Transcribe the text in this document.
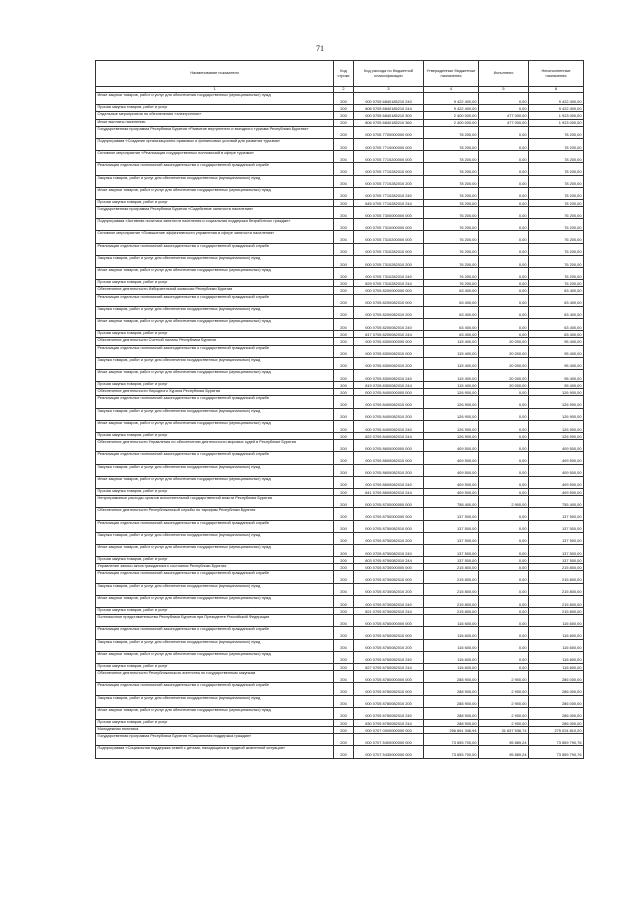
71
Наименование показателя	Код строки	Код расхода по бюджетной классификации	Утвержденные бюджетные назначения	Исполнено	Неисполненные назначения
1	2	3	4	5	6
Иные закупки товаров, работ и услуг для обеспечения государственных (муниципальных) нужд	200	000 0705 6840185210 240	9 422 400,00	0,00	9 422 400,00
Прочая закупка товаров, работ и услуг	200	806 0705 6840185210 244	9 422 400,00	0,00	9 422 400,00
Отдельные мероприятия по обеспечению «электронное»	200	000 0705 6840185210 300	2 400 000,00	477 000,00	1 923 000,00
Иные выплаты населению	200	806 0705 6840185210 360	2 400 000,00	477 000,00	1 923 000,00
Государственная программа Республики Бурятия «Развитие внутреннего и въездного туризма Республики Бурятия»	200	000 0705 7700000000 000	78 200,00	0,00	78 200,00
Подпрограмма «Создание организационно-правовых и финансовых условий для развития туризма»	200	000 0705 7710000000 000	78 200,00	0,00	78 200,00
Основное мероприятие «Реализация государственных полномочий в сфере туризма»	200	000 0705 7710200000 000	78 200,00	0,00	78 200,00
Реализация отдельных полномочий законодательства о государственной гражданской службе	200	000 0705 7710282010 000	78 200,00	0,00	78 200,00
Закупка товаров, работ и услуг для обеспечения государственных (муниципальных) нужд	200	000 0705 7710282010 200	78 200,00	0,00	78 200,00
Иные закупки товаров, работ и услуг для обеспечения государственных (муниципальных) нужд	200	000 0705 7710282010 240	78 200,00	0,00	78 200,00
Прочая закупка товаров, работ и услуг	200	845 0705 7710282010 244	78 200,00	0,00	78 200,00
Государственная программа Республики Бурятия «Содействие занятости населения»	200	000 0705 7300000000 000	76 200,00	0,00	76 200,00
Подпрограмма «Активная политика занятости населения и социальная поддержка безработных граждан»	200	000 0705 7310000000 000	76 200,00	0,00	76 200,00
Основное мероприятие «Повышение эффективности управления в сфере занятости населения»	200	000 0705 7310200000 000	76 200,00	0,00	76 200,00
Реализация отдельных полномочий законодательства о государственной гражданской службе	200	000 0705 7310282010 000	76 200,00	0,00	76 200,00
Закупка товаров, работ и услуг для обеспечения государственных (муниципальных) нужд	200	000 0705 7310282010 200	76 200,00	0,00	76 200,00
Иные закупки товаров, работ и услуг для обеспечения государственных (муниципальных) нужд	200	000 0705 7310282010 240	76 200,00	0,00	76 200,00
Прочая закупка товаров, работ и услуг	200	829 0705 7310282010 244	76 200,00	0,00	76 200,00
Обеспечение деятельности Избирательной комиссии Республики Бурятия	200	000 0705 8200000000 000	63 400,00	0,00	63 400,00
Реализация отдельных полномочий законодательства о государственной гражданской службе	200	000 0705 8200082010 000	63 400,00	0,00	63 400,00
Закупка товаров, работ и услуг для обеспечения государственных (муниципальных) нужд	200	000 0705 8200082010 200	63 400,00	0,00	63 400,00
Иные закупки товаров, работ и услуг для обеспечения государственных (муниципальных) нужд	200	000 0705 8200082010 240	63 400,00	0,00	63 400,00
Прочая закупка товаров, работ и услуг	200	817 0705 8200082010 244	63 400,00	0,00	63 400,00
Обеспечение деятельности Счетной палаты Республики Бурятия	200	000 0705 8300000000 000	115 400,00	20 000,00	95 400,00
Реализация отдельных полномочий законодательства о государственной гражданской службе	200	000 0705 8300082010 000	115 400,00	20 000,00	95 400,00
Закупка товаров, работ и услуг для обеспечения государственных (муниципальных) нужд	200	000 0705 8300082010 200	115 400,00	20 000,00	95 400,00
Иные закупки товаров, работ и услуг для обеспечения государственных (муниципальных) нужд	200	000 0705 8300082010 240	115 400,00	20 000,00	95 400,00
Прочая закупка товаров, работ и услуг	200	819 0705 8300082010 244	115 400,00	20 000,00	95 400,00
Обеспечение деятельности Народного Хурала Республики Бурятия	200	000 0705 8400000000 000	126 900,00	0,00	126 900,00
Реализация отдельных полномочий законодательства о государственной гражданской службе	200	000 0705 8400082010 000	126 900,00	0,00	126 900,00
Закупка товаров, работ и услуг для обеспечения государственных (муниципальных) нужд	200	000 0705 8400082010 200	126 900,00	0,00	126 900,00
Иные закупки товаров, работ и услуг для обеспечения государственных (муниципальных) нужд	200	000 0705 8400082010 240	126 900,00	0,00	126 900,00
Прочая закупка товаров, работ и услуг	200	822 0705 8400082010 244	126 900,00	0,00	126 900,00
Обеспечение деятельности Управления по обеспечению деятельности мировых судей в Республике Бурятия	200	000 0705 8600000000 000	409 500,00	0,00	409 500,00
Реализация отдельных полномочий законодательства о государственной гражданской службе	200	000 0705 8600082010 000	409 500,00	0,00	409 500,00
Закупка товаров, работ и услуг для обеспечения государственных (муниципальных) нужд	200	000 0705 8600082010 200	409 500,00	0,00	409 500,00
Иные закупки товаров, работ и услуг для обеспечения государственных (муниципальных) нужд	200	000 0705 8600082010 240	409 500,00	0,00	409 500,00
Прочая закупка товаров, работ и услуг	200	841 0705 8600082010 244	409 500,00	0,00	409 500,00
Непрограммные расходы органов исполнительной государственной власти Республики Бурятия	200	000 0705 8700000000 000	758 400,00	2 900,00	755 400,00
Обеспечение деятельности Республиканской службы по тарифам Республики Бурятия	200	000 0705 8750000000 000	137 500,00	0,00	137 500,00
Реализация отдельных полномочий законодательства о государственной гражданской службе	200	000 0705 8750082010 000	137 500,00	0,00	137 500,00
Закупка товаров, работ и услуг для обеспечения государственных (муниципальных) нужд	200	000 0705 8750082010 200	137 500,00	0,00	137 500,00
Иные закупки товаров, работ и услуг для обеспечения государственных (муниципальных) нужд	200	000 0705 8750082010 240	137 500,00	0,00	137 500,00
Прочая закупка товаров, работ и услуг	200	803 0705 8750082010 244	137 500,00	0,00	137 500,00
Управление записи актов гражданского состояния Республики Бурятия	200	000 0705 8730000000 000	215 800,00	0,00	215 800,00
Реализация отдельных полномочий законодательства о государственной гражданской службе	200	000 0705 8730082010 000	215 800,00	0,00	215 800,00
Закупка товаров, работ и услуг для обеспечения государственных (муниципальных) нужд	200	000 0705 8730082010 200	215 800,00	0,00	215 800,00
Иные закупки товаров, работ и услуг для обеспечения государственных (муниципальных) нужд	200	000 0705 8730082010 240	215 800,00	0,00	215 800,00
Прочая закупка товаров, работ и услуг	200	821 0705 8730082010 244	215 800,00	0,00	215 800,00
Полномочное представительство Республики Бурятия при Президенте Российской Федерации	200	000 0705 8760000000 000	116 600,00	0,00	116 600,00
Реализация отдельных полномочий законодательства о государственной гражданской службе	200	000 0705 8760082010 000	116 600,00	0,00	116 600,00
Закупка товаров, работ и услуг для обеспечения государственных (муниципальных) нужд	200	000 0705 8760082010 200	116 600,00	0,00	116 600,00
Иные закупки товаров, работ и услуг для обеспечения государственных (муниципальных) нужд	200	000 0705 8760082010 240	116 600,00	0,00	116 600,00
Прочая закупка товаров, работ и услуг	200	827 0705 8760082010 244	116 600,00	0,00	116 600,00
Обеспечение деятельности Республиканского агентства по государственным закупкам	200	000 0705 8780000000 000	288 900,00	2 900,00	286 000,00
Реализация отдельных полномочий законодательства о государственной гражданской службе	200	000 0705 8780082010 000	288 900,00	2 900,00	286 000,00
Закупка товаров, работ и услуг для обеспечения государственных (муниципальных) нужд	200	000 0705 8780082010 200	288 900,00	2 900,00	286 000,00
Иные закупки товаров, работ и услуг для обеспечения государственных (муниципальных) нужд	200	000 0705 8780082010 240	288 900,00	2 900,00	286 000,00
Прочая закупка товаров, работ и услуг	200	830 0705 8780082010 244	288 900,00	2 900,00	286 000,00
Молодежная политика	200	000 0707 0000000000 000	256 661 346,94	31 637 536,74	275 024 810,20
Государственная программа Республики Бурятия «Социальная поддержка граждан»	200	000 0707 5400000000 000	73 655 700,00	95 889,24	73 559 790,76
Подпрограмма «Социальная поддержка семей с детьми, находящихся в трудной жизненной ситуации»	200	000 0707 5430000000 000	73 655 700,00	95 889,24	73 559 790,76
